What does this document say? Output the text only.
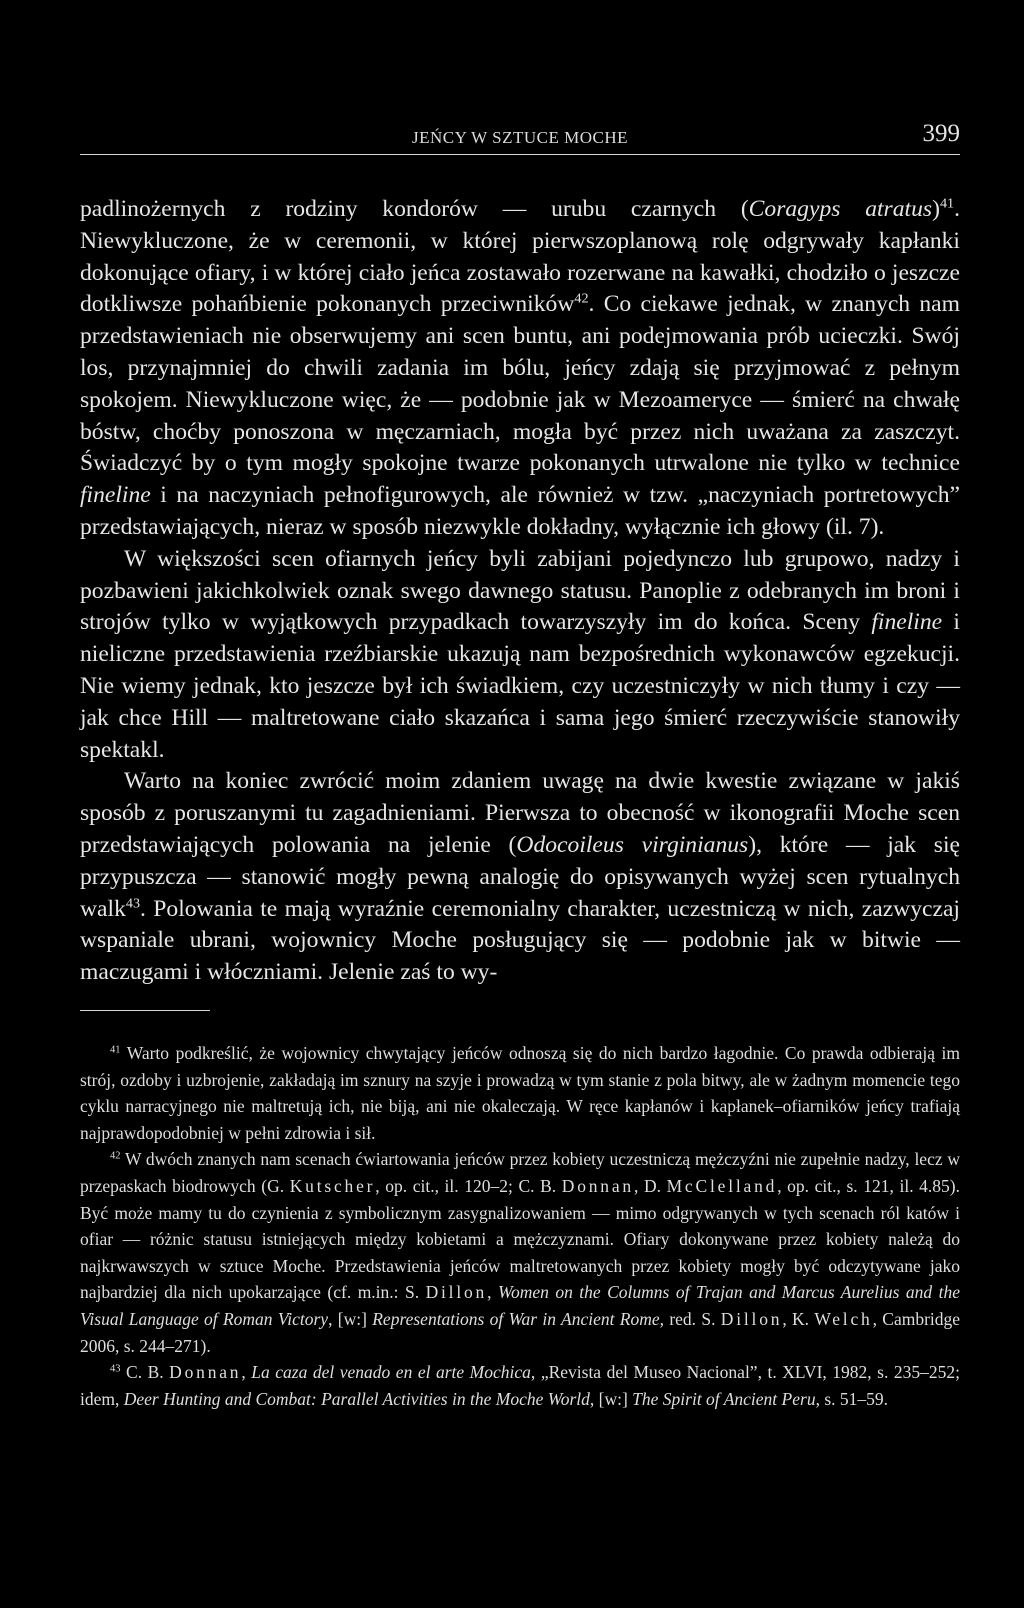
JEŃCY W SZTUCE MOCHE	399

padlinożernych z rodziny kondorów — urubu czarnych (Coragyps atratus)$^{41}$. Niewykluczone, że w ceremonii, w której pierwszoplanową rolę odgrywały kapłanki dokonujące ofiary, i w której ciało jeńca zostawało rozerwane na kawałki, chodziło o jeszcze dotkliwsze pohańbienie pokonanych przeciwników$^{42}$. Co ciekawe jednak, w znanych nam przedstawieniach nie obserwujemy ani scen buntu, ani podejmowania prób ucieczki. Swój los, przynajmniej do chwili zadania im bólu, jeńcy zdają się przyjmować z pełnym spokojem. Niewykluczone więc, że — podobnie jak w Mezoameryce — śmierć na chwałę bóstw, choćby ponoszona w męczarniach, mogła być przez nich uważana za zaszczyt. Świadczyć by o tym mogły spokojne twarze pokonanych utrwalone nie tylko w technice fineline i na naczyniach pełnofigurowych, ale również w tzw. „naczyniach portretowych” przedstawiających, nieraz w sposób niezwykle dokładny, wyłącznie ich głowy (il. 7).

W większości scen ofiarnych jeńcy byli zabijani pojedynczo lub grupowo, nadzy i pozbawieni jakichkolwiek oznak swego dawnego statusu. Panoplie z odebranych im broni i strojów tylko w wyjątkowych przypadkach towarzyszyły im do końca. Sceny fineline i nieliczne przedstawienia rzeźbiarskie ukazują nam bezpośrednich wykonawców egzekucji. Nie wiemy jednak, kto jeszcze był ich świadkiem, czy uczestniczyły w nich tłumy i czy — jak chce Hill — maltretowane ciało skazańca i sama jego śmierć rzeczywiście stanowiły spektakl.

Warto na koniec zwrócić moim zdaniem uwagę na dwie kwestie związane w jakiś sposób z poruszanymi tu zagadnieniami. Pierwsza to obecność w ikonografii Moche scen przedstawiających polowania na jelenie (Odocoileus virginianus), które — jak się przypuszcza — stanowić mogły pewną analogię do opisywanych wyżej scen rytualnych walk$^{43}$. Polowania te mają wyraźnie ceremonialny charakter, uczestniczą w nich, zazwyczaj wspaniale ubrani, wojownicy Moche posługujący się — podobnie jak w bitwie — maczugami i włóczniami. Jelenie zaś to wy-

$^{41}$ Warto podkreślić, że wojownicy chwytający jeńców odnoszą się do nich bardzo łagodnie. Co prawda odbierają im strój, ozdoby i uzbrojenie, zakładają im sznury na szyje i prowadzą w tym stanie z pola bitwy, ale w żadnym momencie tego cyklu narracyjnego nie maltretują ich, nie biją, ani nie okaleczają. W ręce kapłanów i kapłanek–ofiarników jeńcy trafiają najprawdopodobniej w pełni zdrowia i sił.

$^{42}$ W dwóch znanych nam scenach ćwiartowania jeńców przez kobiety uczestniczą mężczyźni nie zupełnie nadzy, lecz w przepaskach biodrowych (G. Kutscher, op. cit., il. 120–2; C. B. Donnan, D. McClelland, op. cit., s. 121, il. 4.85). Być może mamy tu do czynienia z symbolicznym zasygnalizowaniem — mimo odgrywanych w tych scenach ról katów i ofiar — różnic statusu istniejących między kobietami a mężczyznami. Ofiary dokonywane przez kobiety należą do najkrwawszych w sztuce Moche. Przedstawienia jeńców maltretowanych przez kobiety mogły być odczytywane jako najbardziej dla nich upokarzające (cf. m.in.: S. Dillon, Women on the Columns of Trajan and Marcus Aurelius and the Visual Language of Roman Victory, [w:] Representations of War in Ancient Rome, red. S. Dillon, K. Welch, Cambridge 2006, s. 244–271).

$^{43}$ C. B. Donnan, La caza del venado en el arte Mochica, „Revista del Museo Nacional”, t. XLVI, 1982, s. 235–252; idem, Deer Hunting and Combat: Parallel Activities in the Moche World, [w:] The Spirit of Ancient Peru, s. 51–59.
